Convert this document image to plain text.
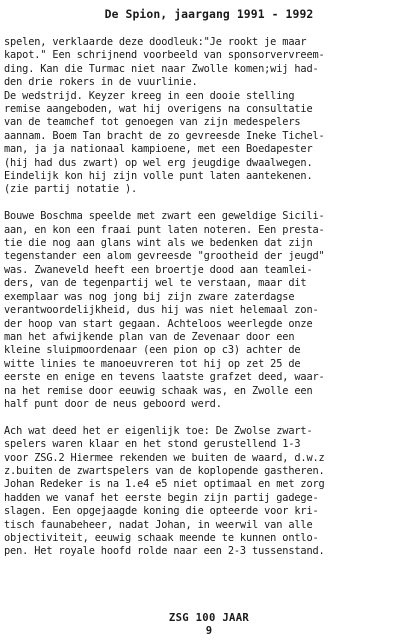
De Spion, jaargang 1991 - 1992
spelen, verklaarde deze doodleuk:"Je rookt je maar
kapot." Een schrijnend voorbeeld van sponsorvervreem-
ding. Kan die Turmac niet naar Zwolle komen;wij had-
den drie rokers in de vuurlinie.
De wedstrijd. Keyzer kreeg in een dooie stelling
remise aangeboden, wat hij overigens na consultatie
van de teamchef tot genoegen van zijn medespelers
aannam. Boem Tan bracht de zo gevreesde Ineke Tichel-
man, ja ja nationaal kampioene, met een Boedapester
(hij had dus zwart) op wel erg jeugdige dwaalwegen.
Eindelijk kon hij zijn volle punt laten aantekenen.
(zie partij notatie ).
Bouwe Boschma speelde met zwart een geweldige Sicili-
aan, en kon een fraai punt laten noteren. Een presta-
tie die nog aan glans wint als we bedenken dat zijn
tegenstander een alom gevreesde "grootheid der jeugd"
was. Zwaneveld heeft een broertje dood aan teamlei-
ders, van de tegenpartij wel te verstaan, maar dit
exemplaar was nog jong bij zijn zware zaterdagse
verantwoordelijkheid, dus hij was niet helemaal zon-
der hoop van start gegaan. Achteloos weerlegde onze
man het afwijkende plan van de Zevenaar door een
kleine sluipmoordenaar (een pion op c3) achter de
witte linies te manoeuvreren tot hij op zet 25 de
eerste en enige en tevens laatste grafzet deed, waar-
na het remise door eeuwig schaak was, en Zwolle een
half punt door de neus geboord werd.
Ach wat deed het er eigenlijk toe: De Zwolse zwart-
spelers waren klaar en het stond gerustellend 1-3
voor ZSG.2 Hiermee rekenden we buiten de waard, d.w.z
z.buiten de zwartspelers van de koplopende gastheren.
Johan Redeker is na 1.e4 e5 niet optimaal en met zorg
hadden we vanaf het eerste begin zijn partij gadege-
slagen. Een opgejaagde koning die opteerde voor kri-
tisch faunabeheer, nadat Johan, in weerwil van alle
objectiviteit, eeuwig schaak meende te kunnen ontlo-
pen. Het royale hoofd rolde naar een 2-3 tussenstand.
ZSG 100 JAAR
9
